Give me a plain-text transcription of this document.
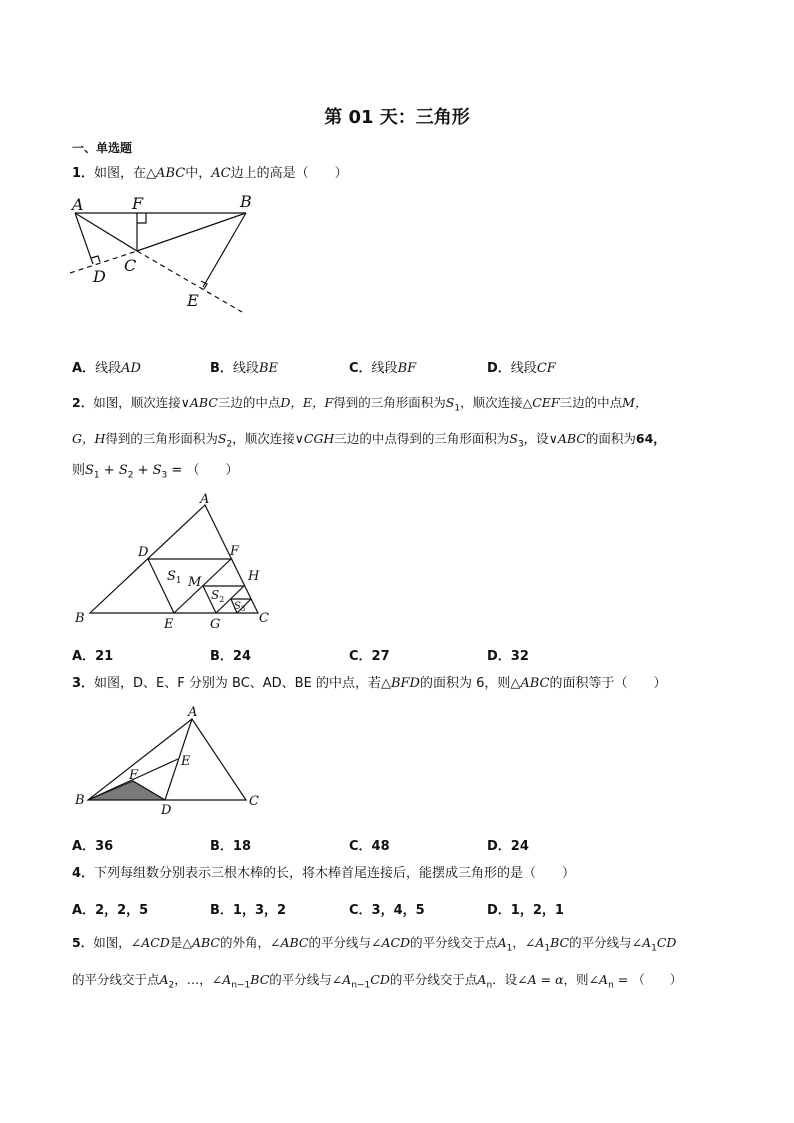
第 01 天：三角形
一、单选题
1．如图，在△ABC中，AC边上的高是（　　）
A	F	B
D
C
E
A．线段AD	B．线段BE	C．线段BF	D．线段CF
2．如图，顺次连接∨ABC三边的中点D，E，F得到的三角形面积为$S_1$，顺次连接△CEF三边的中点M，
G，H得到的三角形面积为$S_2$，顺次连接∨CGH三边的中点得到的三角形面积为$S_3$，设∨ABC的面积为64，
则$S_1 + S_2 + S_3$ = （　　）
A
D	F
$S_1$ M	H
$S_2$
$S_3$
B	E	G	C
A．21	B．24	C．27	D．32
3．如图，D、E、F 分别为 BC、AD、BE 的中点，若△BFD的面积为 6，则△ABC的面积等于（　　）
A
E
F
B
D
C
A．36	B．18	C．48	D．24
4．下列每组数分别表示三根木棒的长，将木棒首尾连接后，能摆成三角形的是（　　）
A．2，2，5	B．1，3，2	C．3，4，5	D．1，2，1
5．如图，∠ACD是△ABC的外角，∠ABC的平分线与∠ACD的平分线交于点$A_1$，$\angle A_1BC$的平分线与$\angle A_1CD$
的平分线交于点$A_2$，…，$\angle A_{n-1}BC$的平分线与$\angle A_{n-1}CD$的平分线交于点$A_n$．设∠A = α，则$\angle A_n$ = （　　）
